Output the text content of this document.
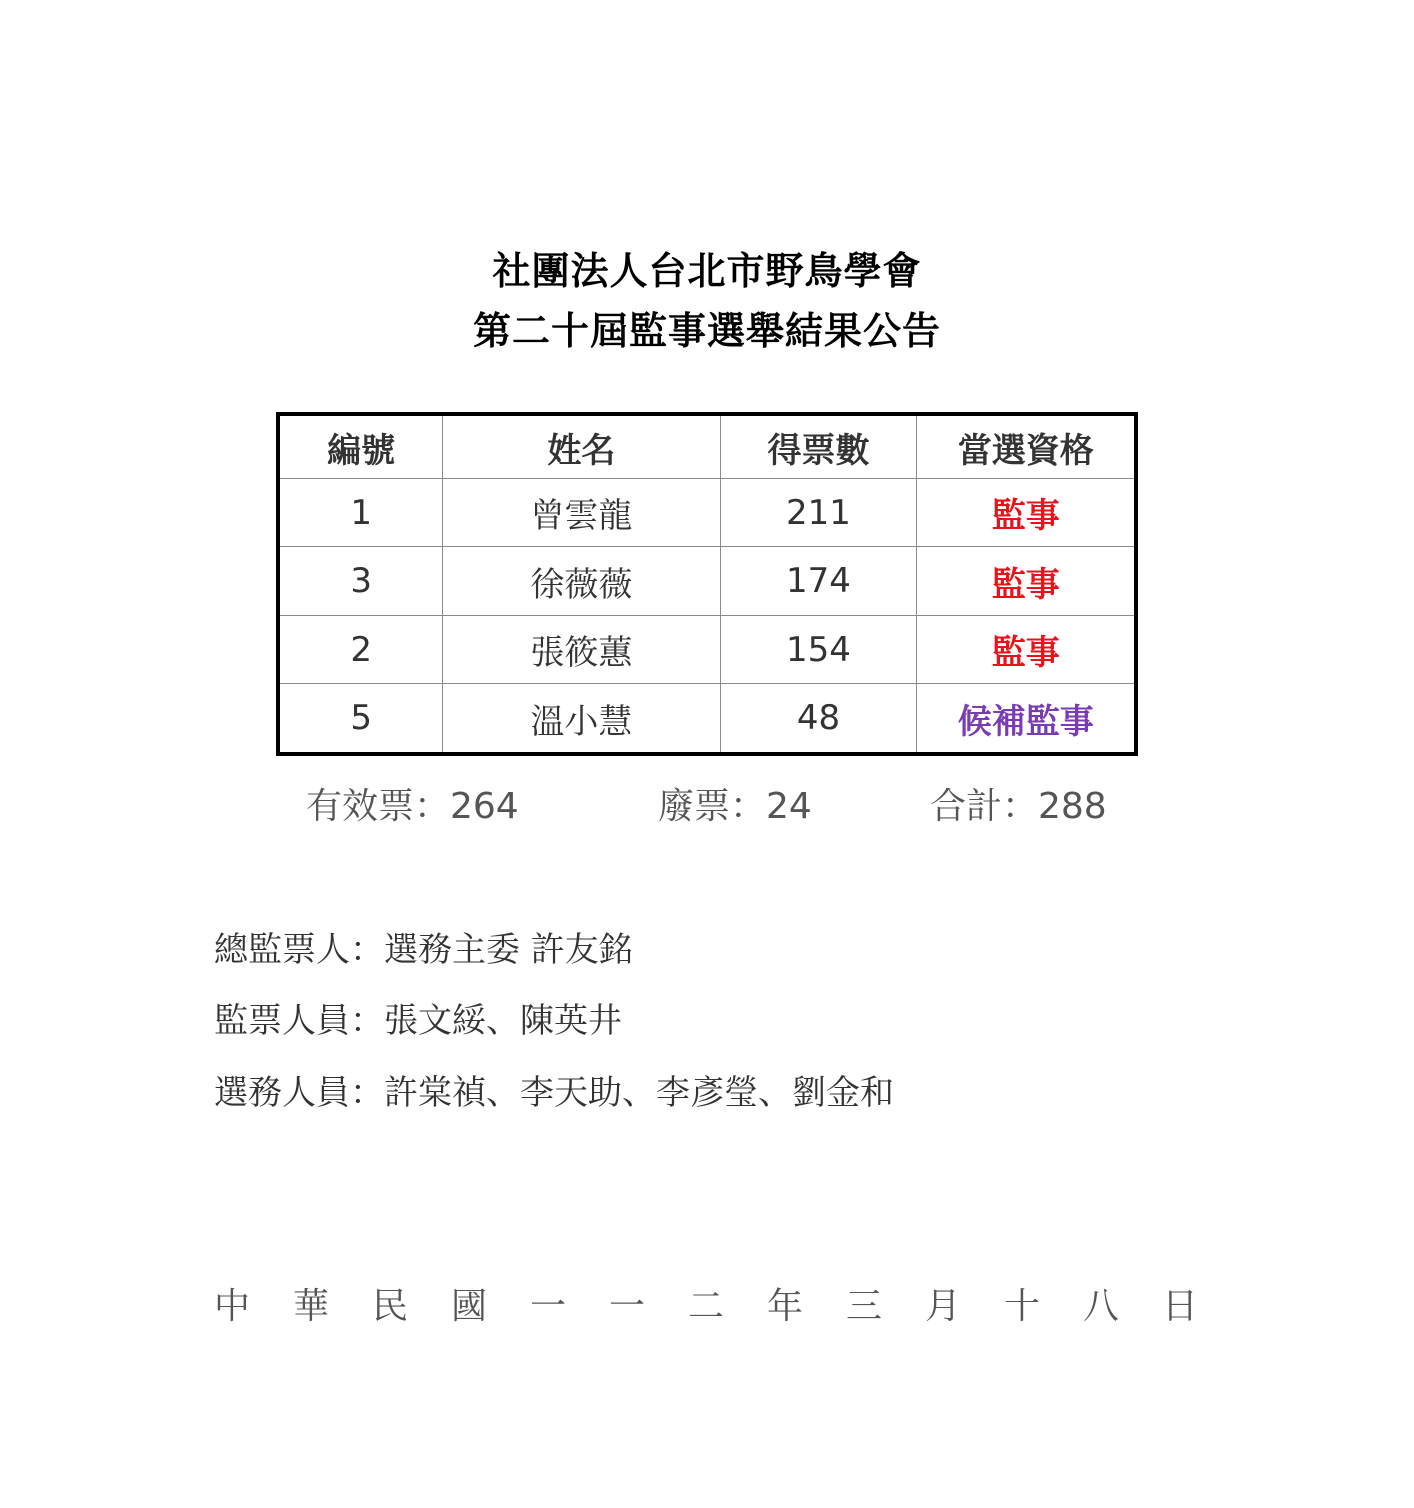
社團法人台北市野鳥學會
第二十屆監事選舉結果公告
編號	姓名	得票數	當選資格
1	曾雲龍	211	監事
3	徐薇薇	174	監事
2	張筱蕙	154	監事
5	溫小慧	48	候補監事
有效票：264	廢票：24	合計：288
總監票人：選務主委 許友銘
監票人員：張文綏、陳英井
選務人員：許棠禎、李天助、李彥瑩、劉金和
中	華	民	國	一	一	二	年	三	月	十	八	日
